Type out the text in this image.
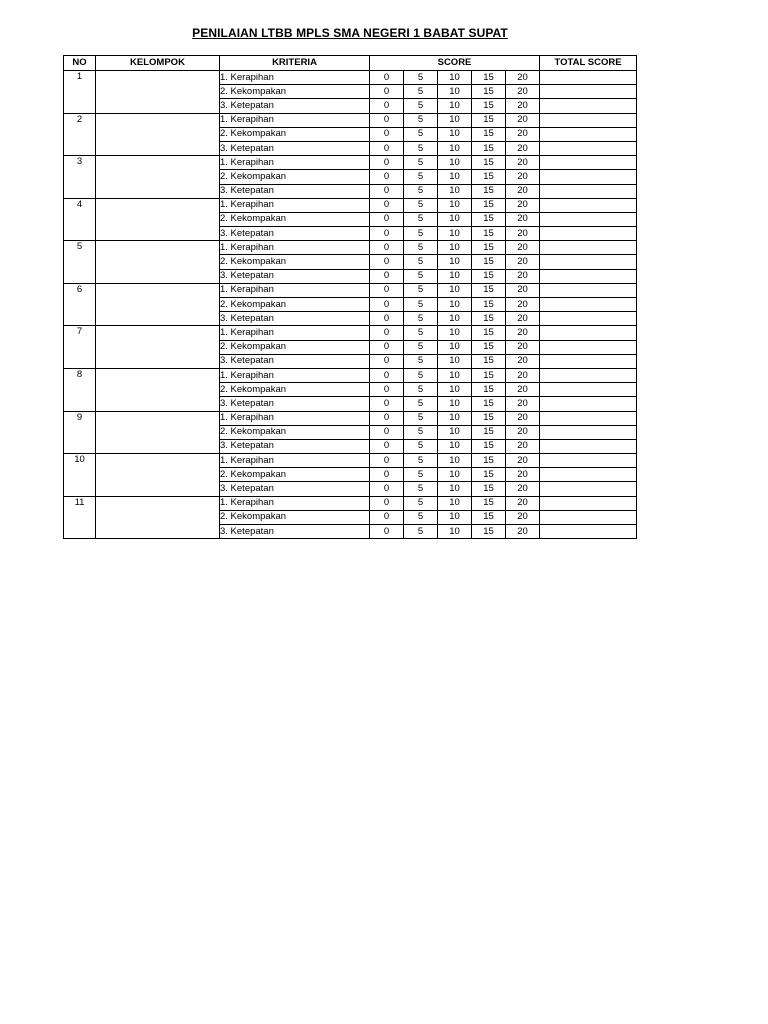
PENILAIAN LTBB MPLS SMA NEGERI 1 BABAT SUPAT
NO	KELOMPOK	KRITERIA	SCORE					TOTAL SCORE
1		1. Kerapihan	0	5	10	15	20	
		2. Kekompakan	0	5	10	15	20	
		3. Ketepatan	0	5	10	15	20	
2		1. Kerapihan	0	5	10	15	20	
		2. Kekompakan	0	5	10	15	20	
		3. Ketepatan	0	5	10	15	20	
3		1. Kerapihan	0	5	10	15	20	
		2. Kekompakan	0	5	10	15	20	
		3. Ketepatan	0	5	10	15	20	
4		1. Kerapihan	0	5	10	15	20	
		2. Kekompakan	0	5	10	15	20	
		3. Ketepatan	0	5	10	15	20	
5		1. Kerapihan	0	5	10	15	20	
		2. Kekompakan	0	5	10	15	20	
		3. Ketepatan	0	5	10	15	20	
6		1. Kerapihan	0	5	10	15	20	
		2. Kekompakan	0	5	10	15	20	
		3. Ketepatan	0	5	10	15	20	
7		1. Kerapihan	0	5	10	15	20	
		2. Kekompakan	0	5	10	15	20	
		3. Ketepatan	0	5	10	15	20	
8		1. Kerapihan	0	5	10	15	20	
		2. Kekompakan	0	5	10	15	20	
		3. Ketepatan	0	5	10	15	20	
9		1. Kerapihan	0	5	10	15	20	
		2. Kekompakan	0	5	10	15	20	
		3. Ketepatan	0	5	10	15	20	
10		1. Kerapihan	0	5	10	15	20	
		2. Kekompakan	0	5	10	15	20	
		3. Ketepatan	0	5	10	15	20	
11		1. Kerapihan	0	5	10	15	20	
		2. Kekompakan	0	5	10	15	20	
		3. Ketepatan	0	5	10	15	20	
